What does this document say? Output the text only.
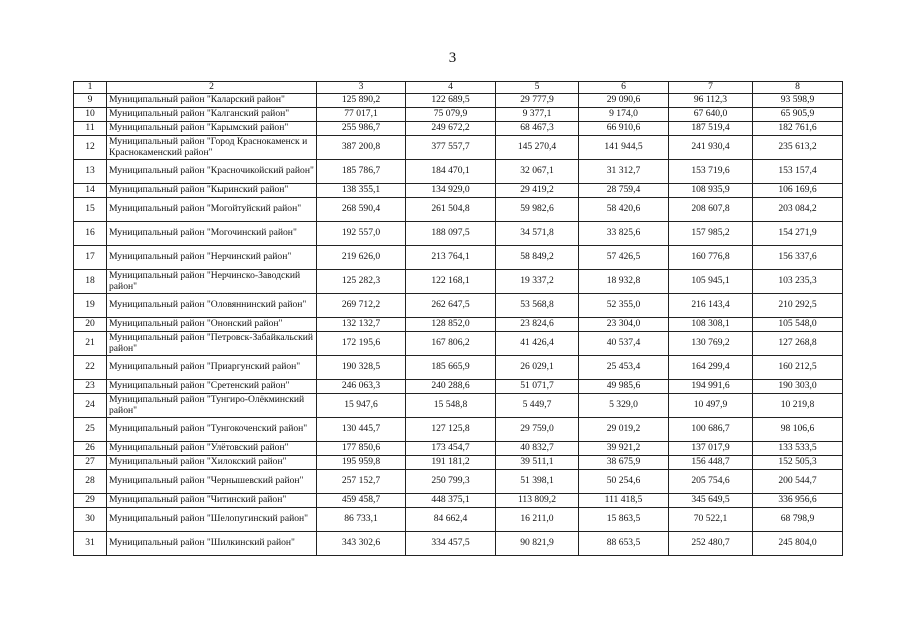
3
1	2	3	4	5	6	7	8
9	Муниципальный район "Каларский район"	125 890,2	122 689,5	29 777,9	29 090,6	96 112,3	93 598,9
10	Муниципальный район "Калганский район"	77 017,1	75 079,9	9 377,1	9 174,0	67 640,0	65 905,9
11	Муниципальный район "Карымский район"	255 986,7	249 672,2	68 467,3	66 910,6	187 519,4	182 761,6
12	Муниципальный район "Город Краснокаменск и Краснокаменский район"	387 200,8	377 557,7	145 270,4	141 944,5	241 930,4	235 613,2
13	Муниципальный район "Красночикойский район"	185 786,7	184 470,1	32 067,1	31 312,7	153 719,6	153 157,4
14	Муниципальный район "Кыринский район"	138 355,1	134 929,0	29 419,2	28 759,4	108 935,9	106 169,6
15	Муниципальный район "Могойтуйский район"	268 590,4	261 504,8	59 982,6	58 420,6	208 607,8	203 084,2
16	Муниципальный район "Могочинский район"	192 557,0	188 097,5	34 571,8	33 825,6	157 985,2	154 271,9
17	Муниципальный район "Нерчинский район"	219 626,0	213 764,1	58 849,2	57 426,5	160 776,8	156 337,6
18	Муниципальный район "Нерчинско-Заводский район"	125 282,3	122 168,1	19 337,2	18 932,8	105 945,1	103 235,3
19	Муниципальный район "Оловяннинский район"	269 712,2	262 647,5	53 568,8	52 355,0	216 143,4	210 292,5
20	Муниципальный район "Ононский район"	132 132,7	128 852,0	23 824,6	23 304,0	108 308,1	105 548,0
21	Муниципальный район "Петровск-Забайкальский район"	172 195,6	167 806,2	41 426,4	40 537,4	130 769,2	127 268,8
22	Муниципальный район "Приаргунский район"	190 328,5	185 665,9	26 029,1	25 453,4	164 299,4	160 212,5
23	Муниципальный район "Сретенский район"	246 063,3	240 288,6	51 071,7	49 985,6	194 991,6	190 303,0
24	Муниципальный район "Тунгиро-Олёкминский район"	15 947,6	15 548,8	5 449,7	5 329,0	10 497,9	10 219,8
25	Муниципальный район "Тунгокоченский район"	130 445,7	127 125,8	29 759,0	29 019,2	100 686,7	98 106,6
26	Муниципальный район "Улётовский район"	177 850,6	173 454,7	40 832,7	39 921,2	137 017,9	133 533,5
27	Муниципальный район "Хилокский район"	195 959,8	191 181,2	39 511,1	38 675,9	156 448,7	152 505,3
28	Муниципальный район "Чернышевский район"	257 152,7	250 799,3	51 398,1	50 254,6	205 754,6	200 544,7
29	Муниципальный район "Читинский район"	459 458,7	448 375,1	113 809,2	111 418,5	345 649,5	336 956,6
30	Муниципальный район "Шелопугинский район"	86 733,1	84 662,4	16 211,0	15 863,5	70 522,1	68 798,9
31	Муниципальный район "Шилкинский район"	343 302,6	334 457,5	90 821,9	88 653,5	252 480,7	245 804,0
